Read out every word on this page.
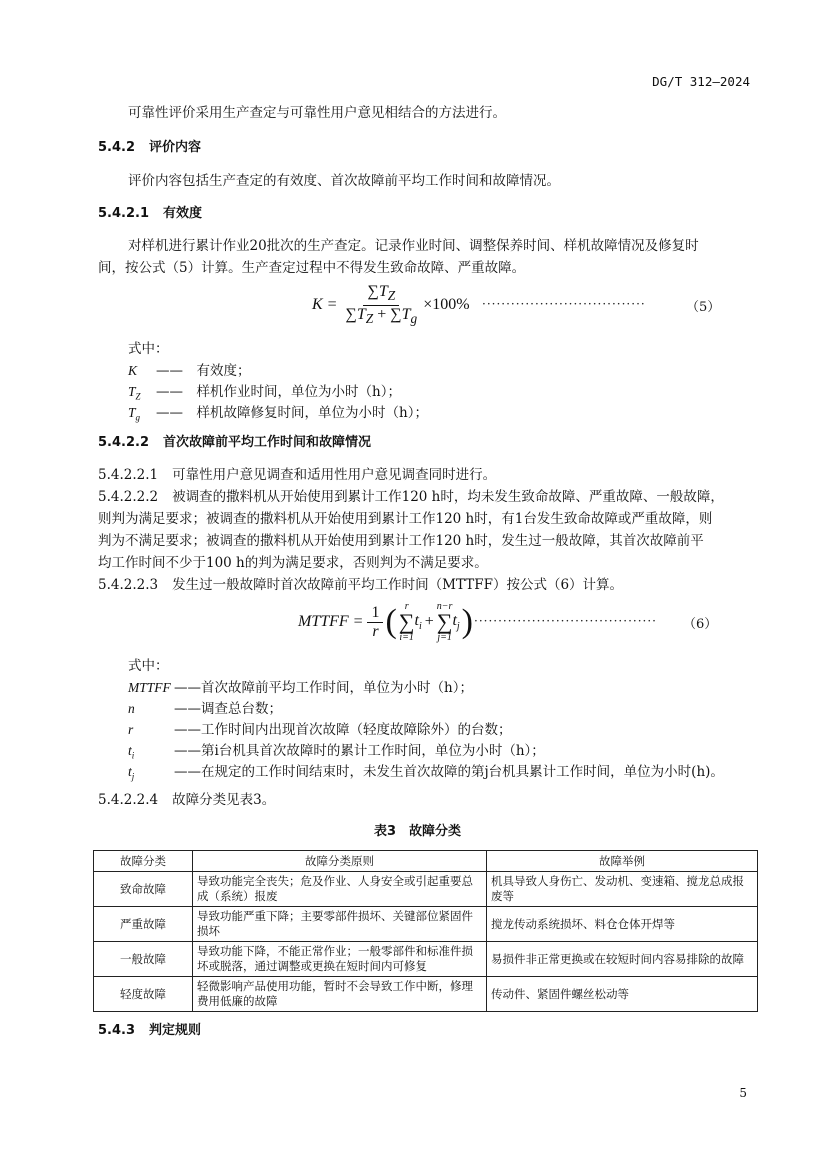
DG/T 312—2024
可靠性评价采用生产查定与可靠性用户意见相结合的方法进行。
5.4.2 评价内容
评价内容包括生产查定的有效度、首次故障前平均工作时间和故障情况。
5.4.2.1 有效度
对样机进行累计作业20批次的生产查定。记录作业时间、调整保养时间、样机故障情况及修复时
间，按公式（5）计算。生产查定过程中不得发生致命故障、严重故障。
$K = \frac{\sum T_Z}{\sum T_Z + \sum T_g} \times 100\%$ ··································	（5）
式中：
K ——　 有效度；
$T_Z$ ——　 样机作业时间，单位为小时（h）；
$T_g$ ——　 样机故障修复时间，单位为小时（h）；
5.4.2.2 首次故障前平均工作时间和故障情况
5.4.2.2.1 可靠性用户意见调查和适用性用户意见调查同时进行。
5.4.2.2.2 被调查的撒料机从开始使用到累计工作120 h时，均未发生致命故障、严重故障、一般故障，
则判为满足要求；被调查的撒料机从开始使用到累计工作120 h时，有1台发生致命故障或严重故障，则
判为不满足要求；被调查的撒料机从开始使用到累计工作120 h时，发生过一般故障，其首次故障前平
均工作时间不少于100 h的判为满足要求，否则判为不满足要求。
5.4.2.2.3 发生过一般故障时首次故障前平均工作时间（MTTFF）按公式（6）计算。
MTTFF = $\frac{1}{r}$ ( r
∑
i=1
$t_i$ +
n−r
∑
j=1
$t_j$ ) ······································ （6）
式中：
MTTFF ——首次故障前平均工作时间，单位为小时（h）；
n	——调查总台数；
r	——工作时间内出现首次故障（轻度故障除外）的台数；
$t_i$	——第i台机具首次故障时的累计工作时间，单位为小时（h）；
$t_j$	——在规定的工作时间结束时，未发生首次故障的第j台机具累计工作时间，单位为小时(h)。
5.4.2.2.4 故障分类见表3。
表3　故障分类
故障分类	故障分类原则	故障举例
致命故障	导致功能完全丧失；危及作业、人身安全或引起重要总成（系统）报废	机具导致人身伤亡、发动机、变速箱、搅龙总成报废等
严重故障	导致功能严重下降；主要零部件损坏、关键部位紧固件损坏	搅龙传动系统损坏、料仓仓体开焊等
一般故障	导致功能下降，不能正常作业；一般零部件和标准件损坏或脱落，通过调整或更换在短时间内可修复	易损件非正常更换或在较短时间内容易排除的故障
轻度故障	轻微影响产品使用功能，暂时不会导致工作中断，修理费用低廉的故障	传动件、紧固件螺丝松动等
5.4.3 判定规则
5
